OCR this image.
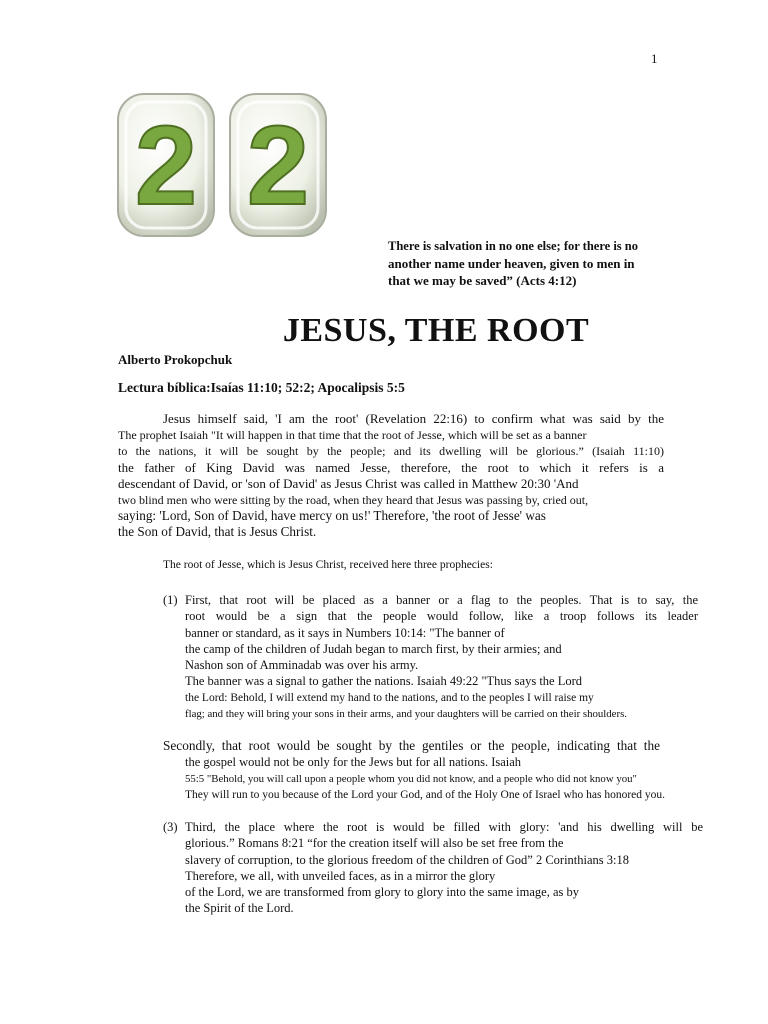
1
2 2
There is salvation in no one else; for there is no
another name under heaven, given to men in
that we may be saved” (Acts 4:12)
JESUS, THE ROOT
Alberto Prokopchuk
Lectura bíblica:Isaías 11:10; 52:2; Apocalipsis 5:5
Jesus himself said, 'I am the root' (Revelation 22:16) to confirm what was said by the
The prophet Isaiah "It will happen in that time that the root of Jesse, which will be set as a banner
to the nations, it will be sought by the people; and its dwelling will be glorious.” (Isaiah 11:10)
the father of King David was named Jesse, therefore, the root to which it refers is a
descendant of David, or 'son of David' as Jesus Christ was called in Matthew 20:30 'And
two blind men who were sitting by the road, when they heard that Jesus was passing by, cried out,
saying: 'Lord, Son of David, have mercy on us!' Therefore, 'the root of Jesse' was
the Son of David, that is Jesus Christ.
The root of Jesse, which is Jesus Christ, received here three prophecies:
(1) First, that root will be placed as a banner or a flag to the peoples. That is to say, the
root would be a sign that the people would follow, like a troop follows its leader
banner or standard, as it says in Numbers 10:14: "The banner of
the camp of the children of Judah began to march first, by their armies; and
Nashon son of Amminadab was over his army.
The banner was a signal to gather the nations. Isaiah 49:22 "Thus says the Lord
the Lord: Behold, I will extend my hand to the nations, and to the peoples I will raise my
flag; and they will bring your sons in their arms, and your daughters will be carried on their shoulders.
Secondly, that root would be sought by the gentiles or the people, indicating that the
the gospel would not be only for the Jews but for all nations. Isaiah
55:5 "Behold, you will call upon a people whom you did not know, and a people who did not know you"
They will run to you because of the Lord your God, and of the Holy One of Israel who has honored you.
(3) Third, the place where the root is would be filled with glory: 'and his dwelling will be
glorious.” Romans 8:21 “for the creation itself will also be set free from the
slavery of corruption, to the glorious freedom of the children of God” 2 Corinthians 3:18
Therefore, we all, with unveiled faces, as in a mirror the glory
of the Lord, we are transformed from glory to glory into the same image, as by
the Spirit of the Lord.
